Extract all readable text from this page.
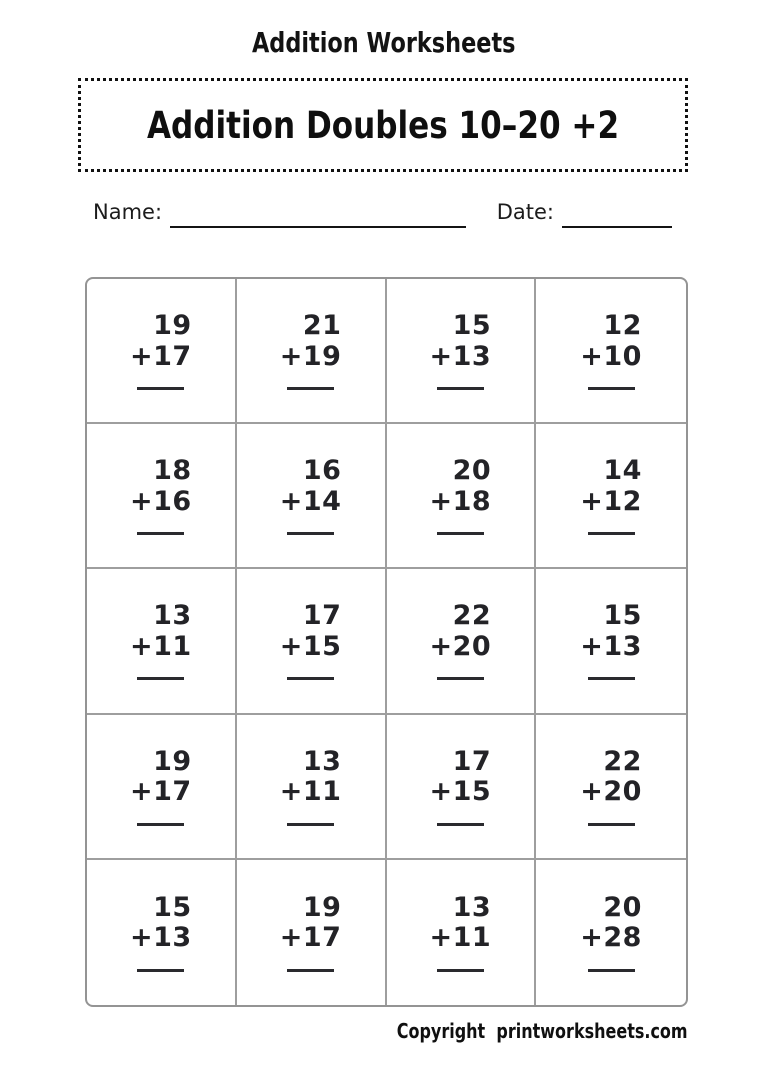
Addition Worksheets
Addition Doubles 10–20 +2
Name:	Date:
19
+17
21
+19
15
+13
12
+10
18
+16
16
+14
20
+18
14
+12
13
+11
17
+15
22
+20
15
+13
19
+17
13
+11
17
+15
22
+20
15
+13
19
+17
13
+11
20
+28
Copyright printworksheets.com
